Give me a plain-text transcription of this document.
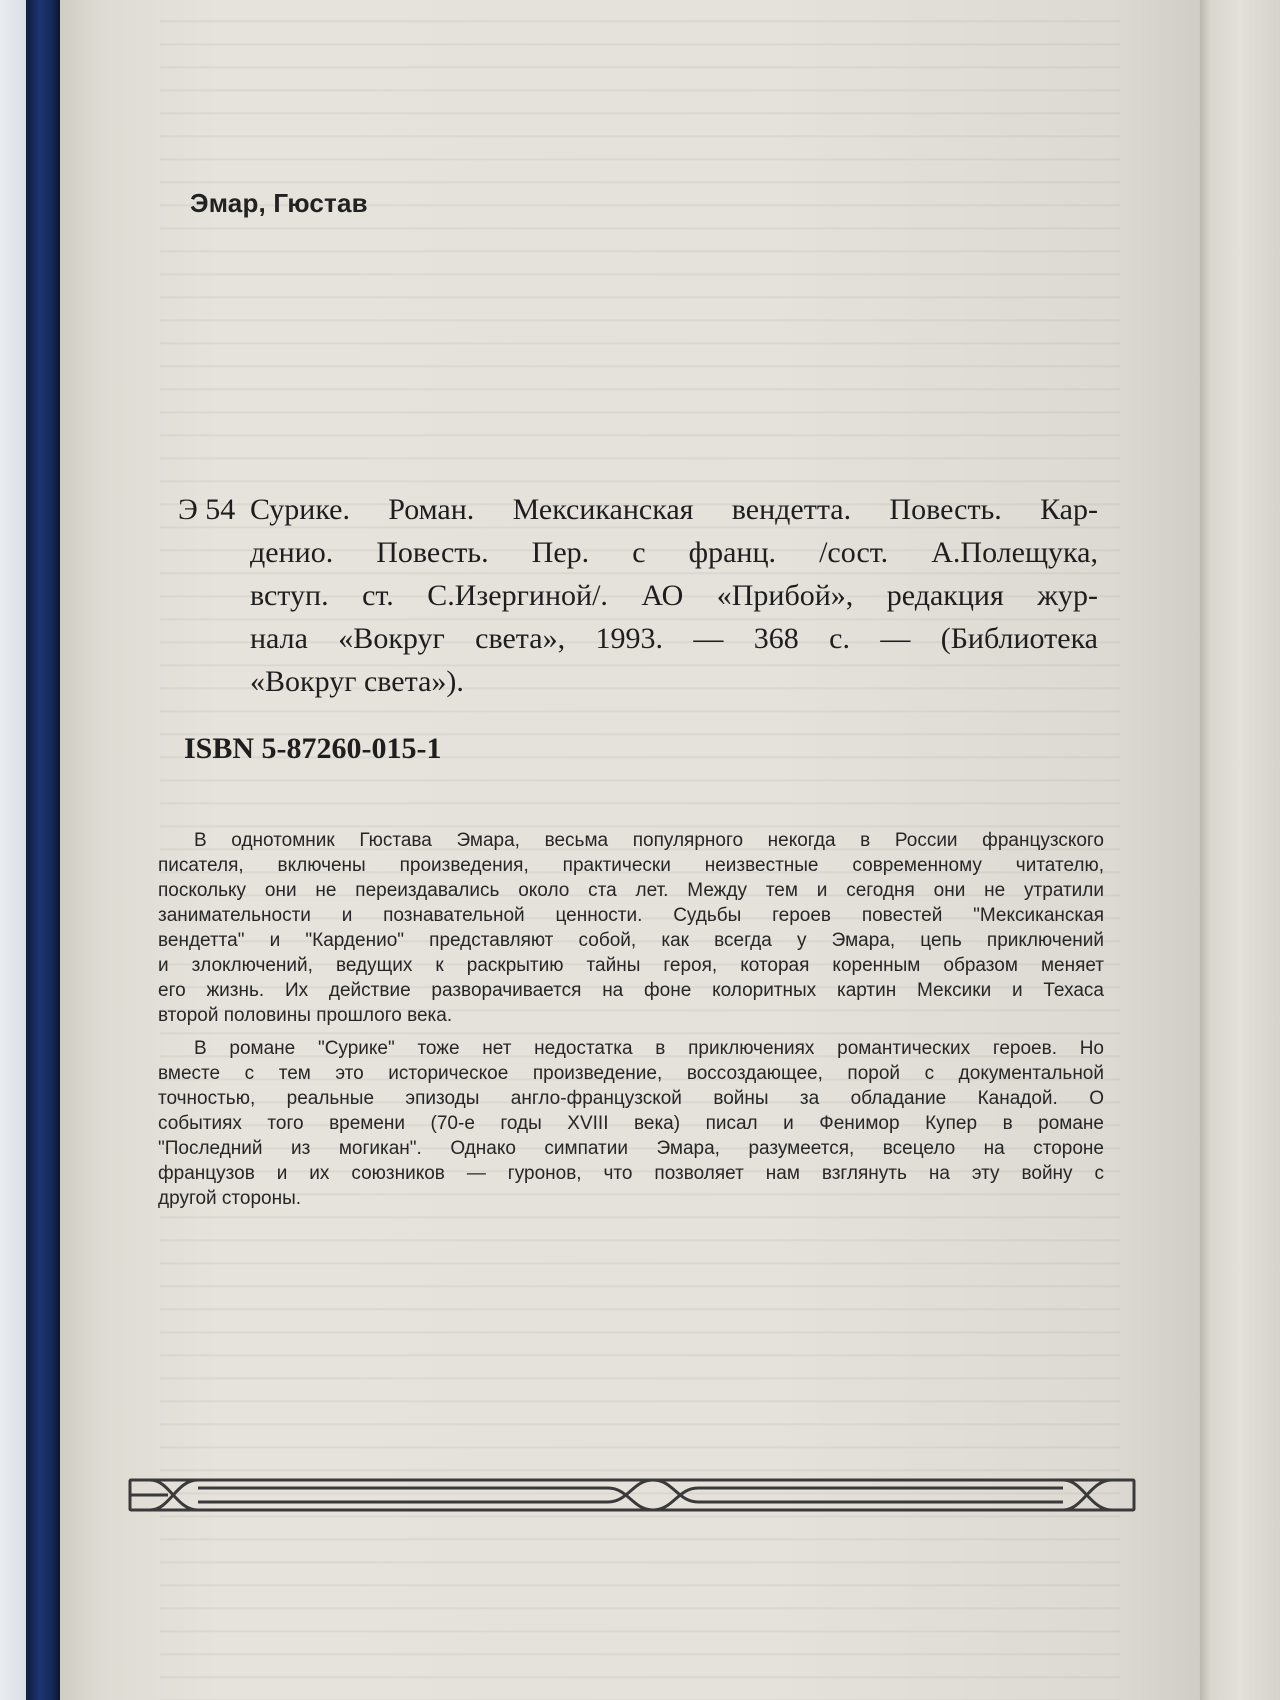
Эмар, Гюстав
Э 54 Сурике. Роман. Мексиканская вендетта. Повесть. Кар-
денио. Повесть. Пер. с франц. /сост. А.Полещука,
вступ. ст. С.Изергиной/. АО «Прибой», редакция жур-
нала «Вокруг света», 1993. — 368 с. — (Библиотека
«Вокруг света»).
ISBN 5-87260-015-1
В однотомник Гюстава Эмара, весьма популярного некогда в России французского
писателя, включены произведения, практически неизвестные современному читателю,
поскольку они не переиздавались около ста лет. Между тем и сегодня они не утратили
занимательности и познавательной ценности. Судьбы героев повестей "Мексиканская
вендетта" и "Карденио" представляют собой, как всегда у Эмара, цепь приключений
и злоключений, ведущих к раскрытию тайны героя, которая коренным образом меняет
его жизнь. Их действие разворачивается на фоне колоритных картин Мексики и Техаса
второй половины прошлого века.
В романе "Сурике" тоже нет недостатка в приключениях романтических героев. Но
вместе с тем это историческое произведение, воссоздающее, порой с документальной
точностью, реальные эпизоды англо-французской войны за обладание Канадой. О
событиях того времени (70-е годы XVIII века) писал и Фенимор Купер в романе
"Последний из могикан". Однако симпатии Эмара, разумеется, всецело на стороне
французов и их союзников — гуронов, что позволяет нам взглянуть на эту войну с
другой стороны.
